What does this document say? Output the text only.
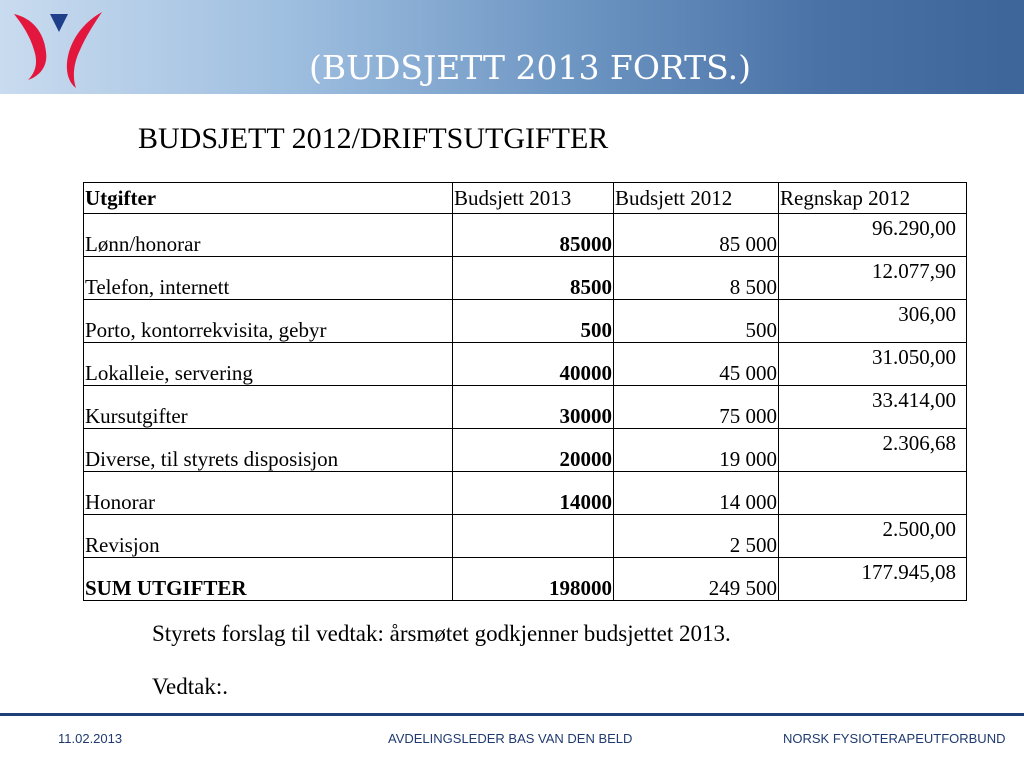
(BUDSJETT 2013 FORTS.)
BUDSJETT 2012/DRIFTSUTGIFTER
Utgifter	Budsjett 2013	Budsjett 2012	Regnskap 2012
Lønn/honorar	85000	85 000	96.290,00
Telefon, internett	8500	8 500	12.077,90
Porto, kontorrekvisita, gebyr	500	500	306,00
Lokalleie, servering	40000	45 000	31.050,00
Kursutgifter	30000	75 000	33.414,00
Diverse, til styrets disposisjon	20000	19 000	2.306,68
Honorar	14000	14 000	
Revisjon		2 500	2.500,00
SUM UTGIFTER	198000	249 500	177.945,08
Styrets forslag til vedtak: årsmøtet godkjenner budsjettet 2013.
Vedtak:.
11.02.2013	AVDELINGSLEDER BAS VAN DEN BELD	NORSK FYSIOTERAPEUTFORBUND
